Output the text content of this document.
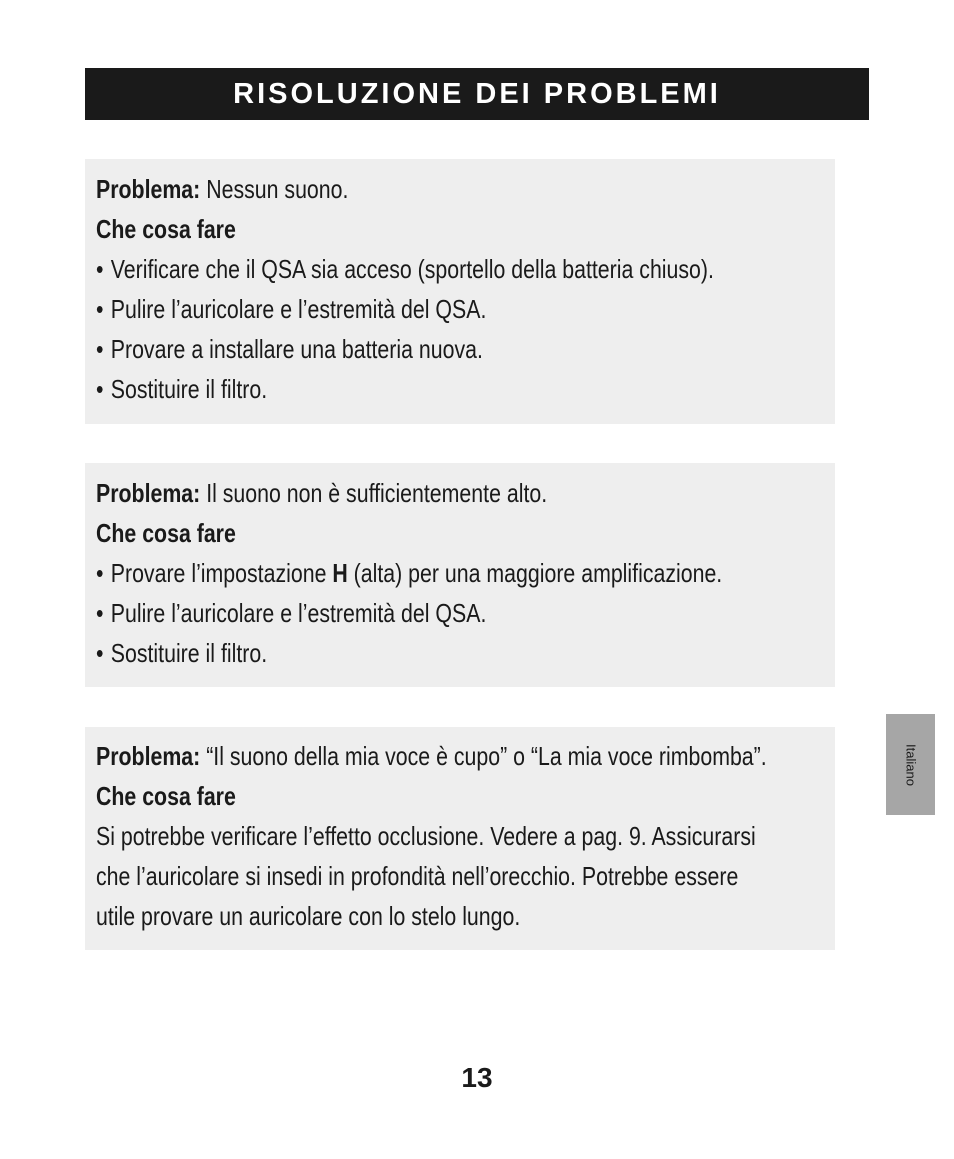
RISOLUZIONE DEI PROBLEMI
Problema: Nessun suono.
Che cosa fare
• Verificare che il QSA sia acceso (sportello della batteria chiuso).
• Pulire l’auricolare e l’estremità del QSA.
• Provare a installare una batteria nuova.
• Sostituire il filtro.
Problema: Il suono non è sufficientemente alto.
Che cosa fare
• Provare l’impostazione H (alta) per una maggiore amplificazione.
• Pulire l’auricolare e l’estremità del QSA.
• Sostituire il filtro.
Problema: “Il suono della mia voce è cupo” o “La mia voce rimbomba”.
Che cosa fare
Si potrebbe verificare l’effetto occlusione. Vedere a pag. 9. Assicurarsi
che l’auricolare si insedi in profondità nell’orecchio. Potrebbe essere
utile provare un auricolare con lo stelo lungo.
Italiano
13
